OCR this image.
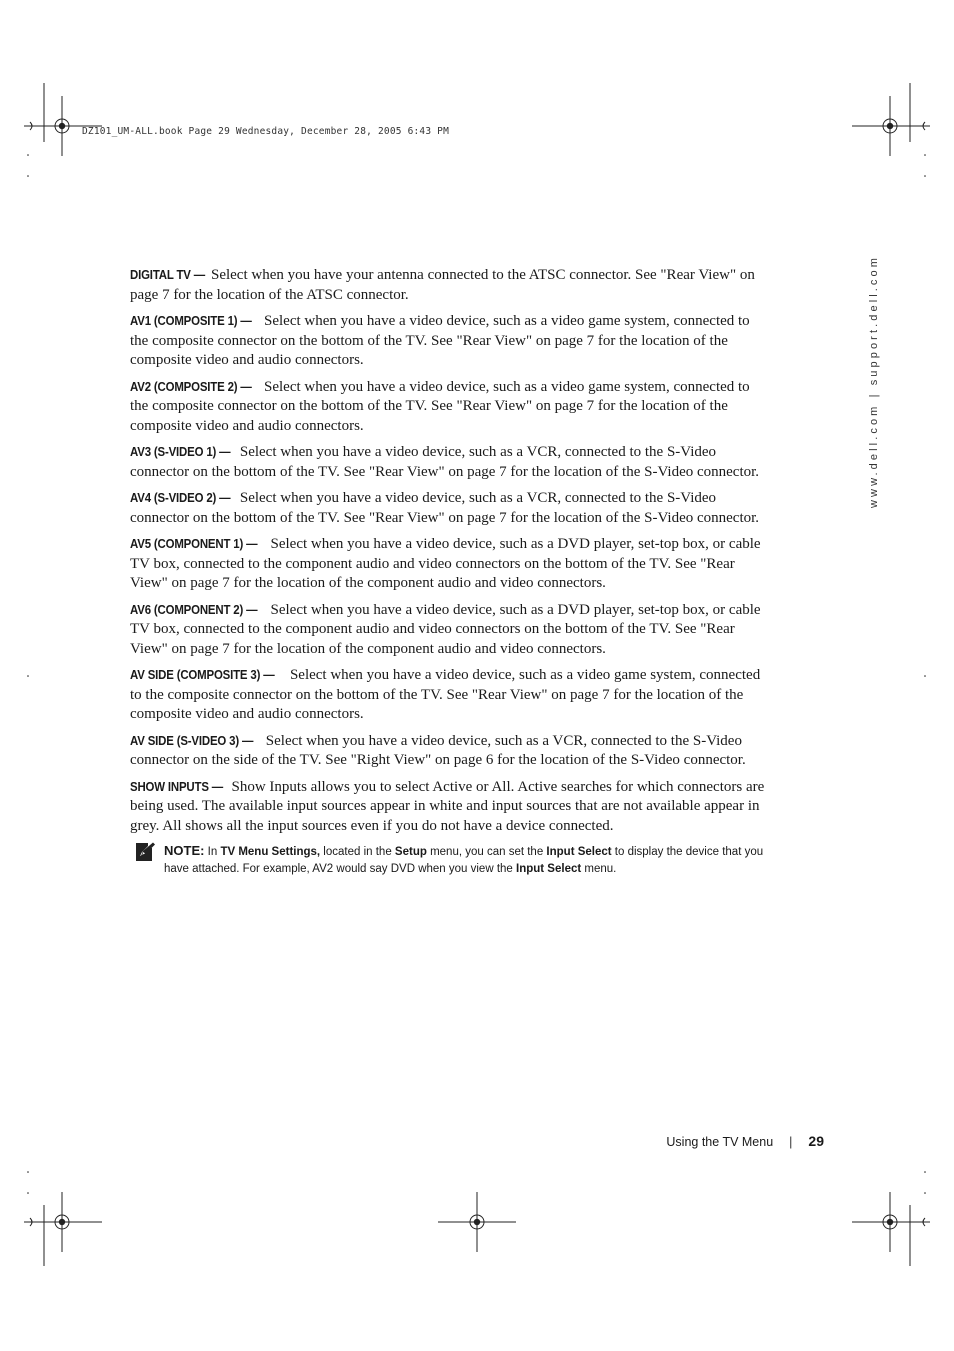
DZ101_UM-ALL.book Page 29 Wednesday, December 28, 2005 6:43 PM
www.dell.com | support.dell.com

DIGITAL TV — Select when you have your antenna connected to the ATSC connector. See "Rear View" on page 7 for the location of the ATSC connector.

AV1 (COMPOSITE 1) — Select when you have a video device, such as a video game system, connected to the composite connector on the bottom of the TV. See "Rear View" on page 7 for the location of the composite video and audio connectors.

AV2 (COMPOSITE 2) — Select when you have a video device, such as a video game system, connected to the composite connector on the bottom of the TV. See "Rear View" on page 7 for the location of the composite video and audio connectors.

AV3 (S-VIDEO 1) — Select when you have a video device, such as a VCR, connected to the S-Video connector on the bottom of the TV. See "Rear View" on page 7 for the location of the S-Video connector.

AV4 (S-VIDEO 2) — Select when you have a video device, such as a VCR, connected to the S-Video connector on the bottom of the TV. See "Rear View" on page 7 for the location of the S-Video connector.

AV5 (COMPONENT 1) — Select when you have a video device, such as a DVD player, set-top box, or cable TV box, connected to the component audio and video connectors on the bottom of the TV. See "Rear View" on page 7 for the location of the component audio and video connectors.

AV6 (COMPONENT 2) — Select when you have a video device, such as a DVD player, set-top box, or cable TV box, connected to the component audio and video connectors on the bottom of the TV. See "Rear View" on page 7 for the location of the component audio and video connectors.

AV SIDE (COMPOSITE 3) — Select when you have a video device, such as a video game system, connected to the composite connector on the bottom of the TV. See "Rear View" on page 7 for the location of the composite video and audio connectors.

AV SIDE (S-VIDEO 3) — Select when you have a video device, such as a VCR, connected to the S-Video connector on the side of the TV. See "Right View" on page 6 for the location of the S-Video connector.

SHOW INPUTS — Show Inputs allows you to select Active or All. Active searches for which connectors are being used. The available input sources appear in white and input sources that are not available appear in grey. All shows all the input sources even if you do not have a device connected.

NOTE: In TV Menu Settings, located in the Setup menu, you can set the Input Select to display the device that you have attached. For example, AV2 would say DVD when you view the Input Select menu.
Using the TV Menu | 29
